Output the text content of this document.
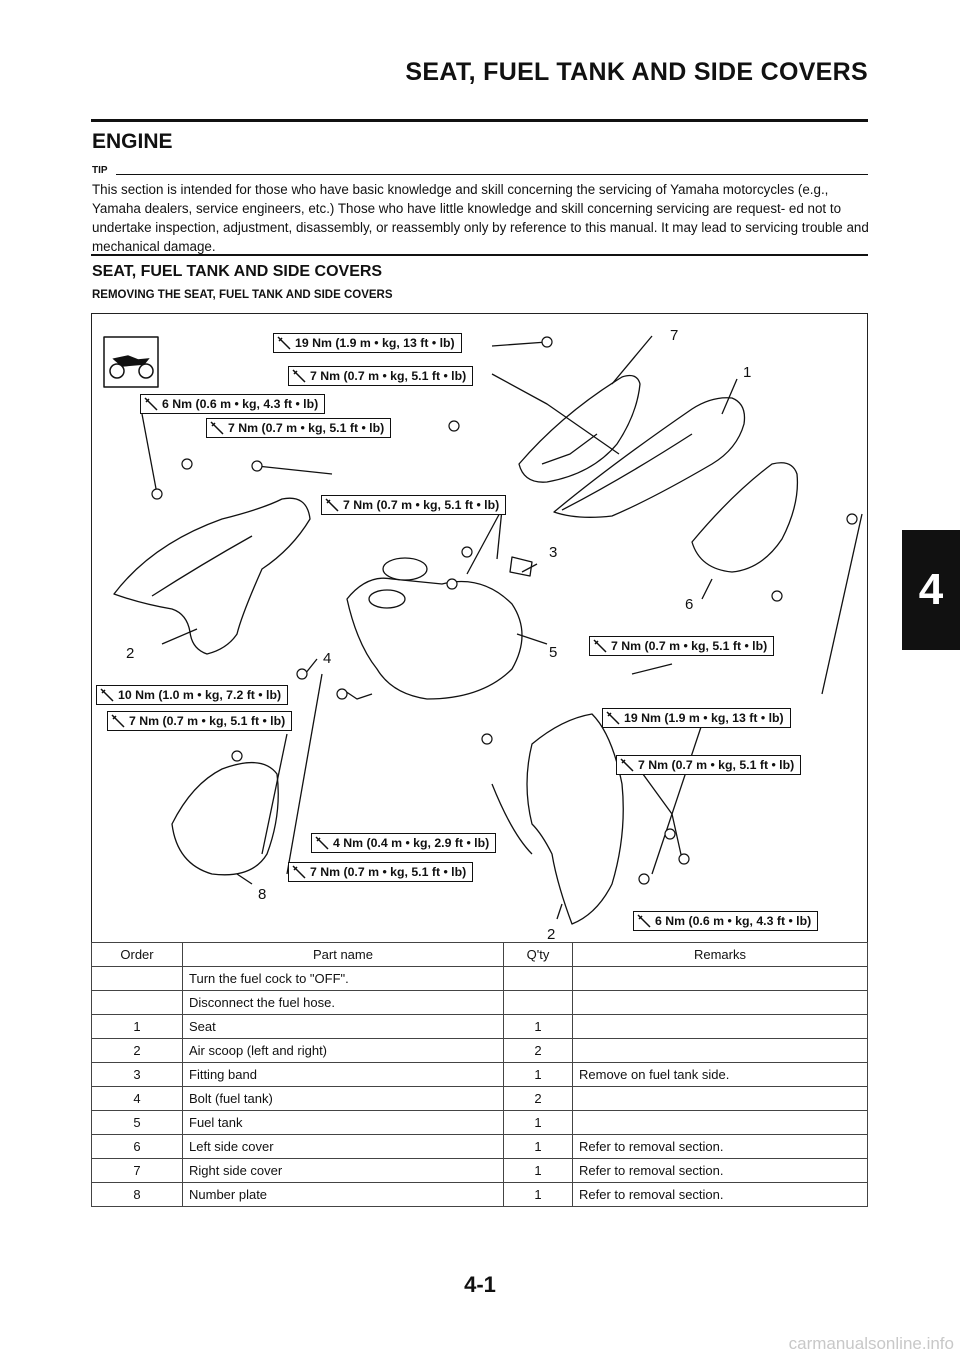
SEAT, FUEL TANK AND SIDE COVERS
ENGINE
TIP
This section is intended for those who have basic knowledge and skill concerning the servicing of Yamaha motorcycles (e.g., Yamaha dealers, service engineers, etc.) Those who have little knowledge and skill concerning servicing are request- ed not to undertake inspection, adjustment, disassembly, or reassembly only by reference to this manual. It may lead to servicing trouble and mechanical damage.
SEAT, FUEL TANK AND SIDE COVERS
REMOVING THE SEAT, FUEL TANK AND SIDE COVERS
19 Nm (1.9 m • kg, 13 ft • lb)
7 Nm (0.7 m • kg, 5.1 ft • lb)
6 Nm (0.6 m • kg, 4.3 ft • lb)
7 Nm (0.7 m • kg, 5.1 ft • lb)
7 Nm (0.7 m • kg, 5.1 ft • lb)
7 Nm (0.7 m • kg, 5.1 ft • lb)
10 Nm (1.0 m • kg, 7.2 ft • lb)
7 Nm (0.7 m • kg, 5.1 ft • lb)	19 Nm (1.9 m • kg, 13 ft • lb)
7 Nm (0.7 m • kg, 5.1 ft • lb)
4 Nm (0.4 m • kg, 2.9 ft • lb)
7 Nm (0.7 m • kg, 5.1 ft • lb)
6 Nm (0.6 m • kg, 4.3 ft • lb)
7
1
3
6
2	4	5
8
2
Order	Part name	Q'ty	Remarks
	Turn the fuel cock to "OFF".		
	Disconnect the fuel hose.		
1	Seat	1	
2	Air scoop (left and right)	2	
3	Fitting band	1	Remove on fuel tank side.
4	Bolt (fuel tank)	2	
5	Fuel tank	1	
6	Left side cover	1	Refer to removal section.
7	Right side cover	1	Refer to removal section.
8	Number plate	1	Refer to removal section.
4
4-1
carmanualsonline.info
